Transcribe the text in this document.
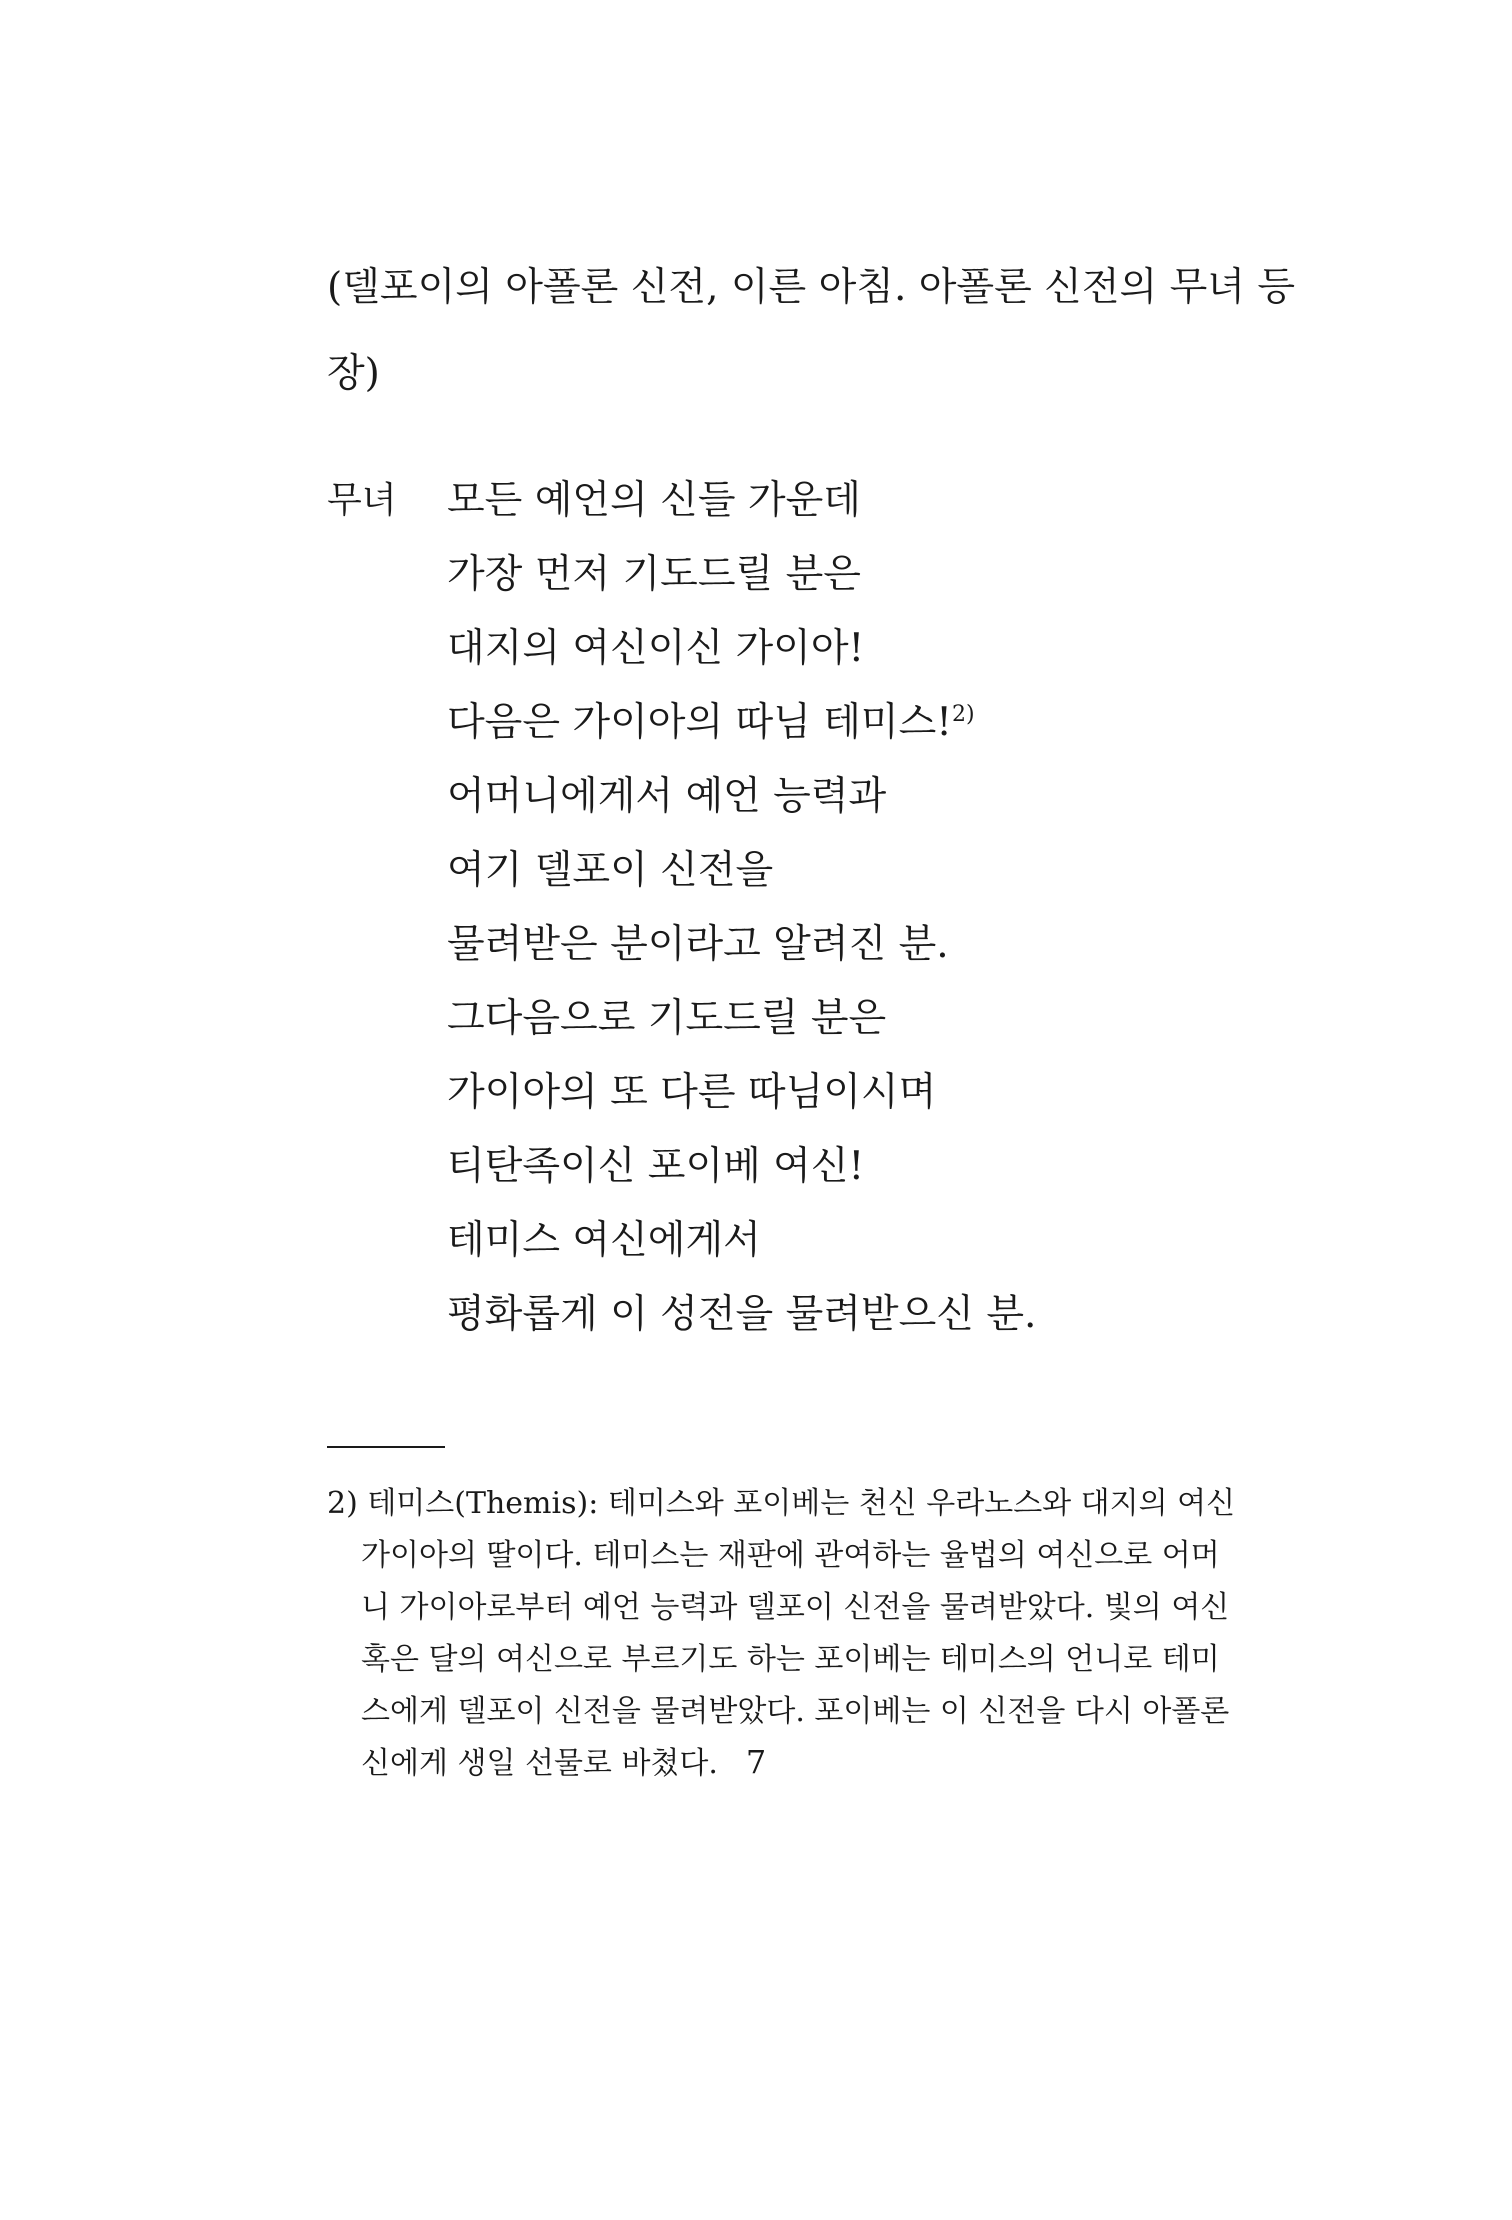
(델포이의 아폴론 신전, 이른 아침. 아폴론 신전의 무녀 등
장)
무녀 모든 예언의 신들 가운데
가장 먼저 기도드릴 분은
대지의 여신이신 가이아!
다음은 가이아의 따님 테미스!$^{2)}$
어머니에게서 예언 능력과
여기 델포이 신전을
물려받은 분이라고 알려진 분.
그다음으로 기도드릴 분은
가이아의 또 다른 따님이시며
티탄족이신 포이베 여신!
테미스 여신에게서
평화롭게 이 성전을 물려받으신 분.
2) 테미스(Themis): 테미스와 포이베는 천신 우라노스와 대지의 여신
가이아의 딸이다. 테미스는 재판에 관여하는 율법의 여신으로 어머
니 가이아로부터 예언 능력과 델포이 신전을 물려받았다. 빛의 여신
혹은 달의 여신으로 부르기도 하는 포이베는 테미스의 언니로 테미
스에게 델포이 신전을 물려받았다. 포이베는 이 신전을 다시 아폴론
신에게 생일 선물로 바쳤다. 7
